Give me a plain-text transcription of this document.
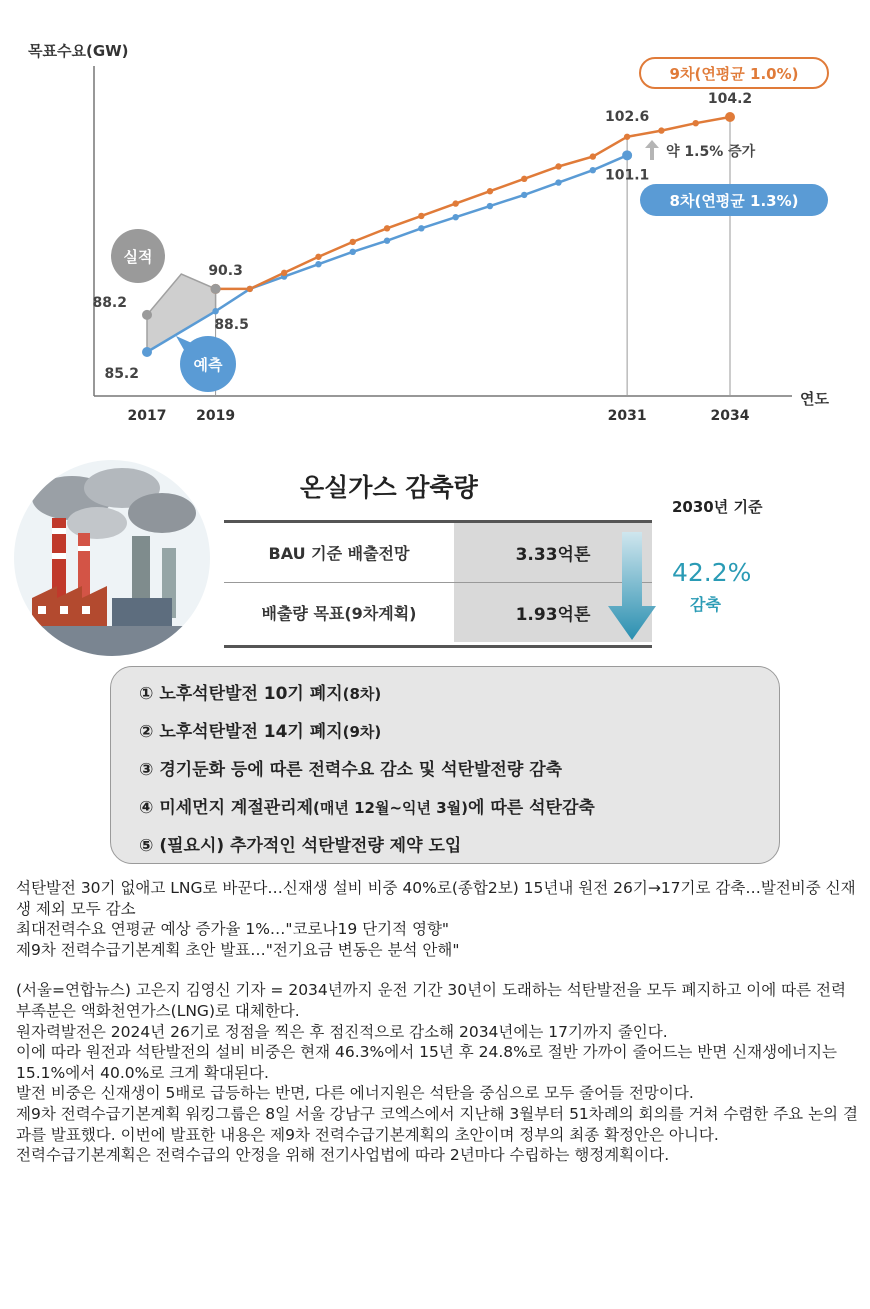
목표수요(GW)
연도
2017 2019	2031	2034
88.2
85.2
90.3
88.5
102.6
101.1
104.2
9차(연평균 1.0%)
8차(연평균 1.3%)
약 1.5% 증가
실적
예측
온실가스 감축량
2030년 기준
BAU 기준 배출전망	3.33억톤
배출량 목표(9차계획)	1.93억톤
42.2%
감축
① 노후석탄발전 10기 폐지(8차)
② 노후석탄발전 14기 폐지(9차)
③ 경기둔화 등에 따른 전력수요 감소 및 석탄발전량 감축
④ 미세먼지 계절관리제(매년 12월~익년 3월)에 따른 석탄감축
⑤ (필요시) 추가적인 석탄발전량 제약 도입

석탄발전 30기 없애고 LNG로 바꾼다…신재생 설비 비중 40%로(종합2보) 15년내 원전 26기→17기로 감축…발전비중 신재생 제외 모두 감소

최대전력수요 연평균 예상 증가율 1%…"코로나19 단기적 영향"

제9차 전력수급기본계획 초안 발표…"전기요금 변동은 분석 안해"

(서울=연합뉴스) 고은지 김영신 기자 = 2034년까지 운전 기간 30년이 도래하는 석탄발전을 모두 폐지하고 이에 따른 전력 부족분은 액화천연가스(LNG)로 대체한다.

원자력발전은 2024년 26기로 정점을 찍은 후 점진적으로 감소해 2034년에는 17기까지 줄인다.

이에 따라 원전과 석탄발전의 설비 비중은 현재 46.3%에서 15년 후 24.8%로 절반 가까이 줄어드는 반면 신재생에너지는 15.1%에서 40.0%로 크게 확대된다.

발전 비중은 신재생이 5배로 급등하는 반면, 다른 에너지원은 석탄을 중심으로 모두 줄어들 전망이다.

제9차 전력수급기본계획 워킹그룹은 8일 서울 강남구 코엑스에서 지난해 3월부터 51차례의 회의를 거쳐 수렴한 주요 논의 결과를 발표했다. 이번에 발표한 내용은 제9차 전력수급기본계획의 초안이며 정부의 최종 확정안은 아니다.

전력수급기본계획은 전력수급의 안정을 위해 전기사업법에 따라 2년마다 수립하는 행정계획이다.
